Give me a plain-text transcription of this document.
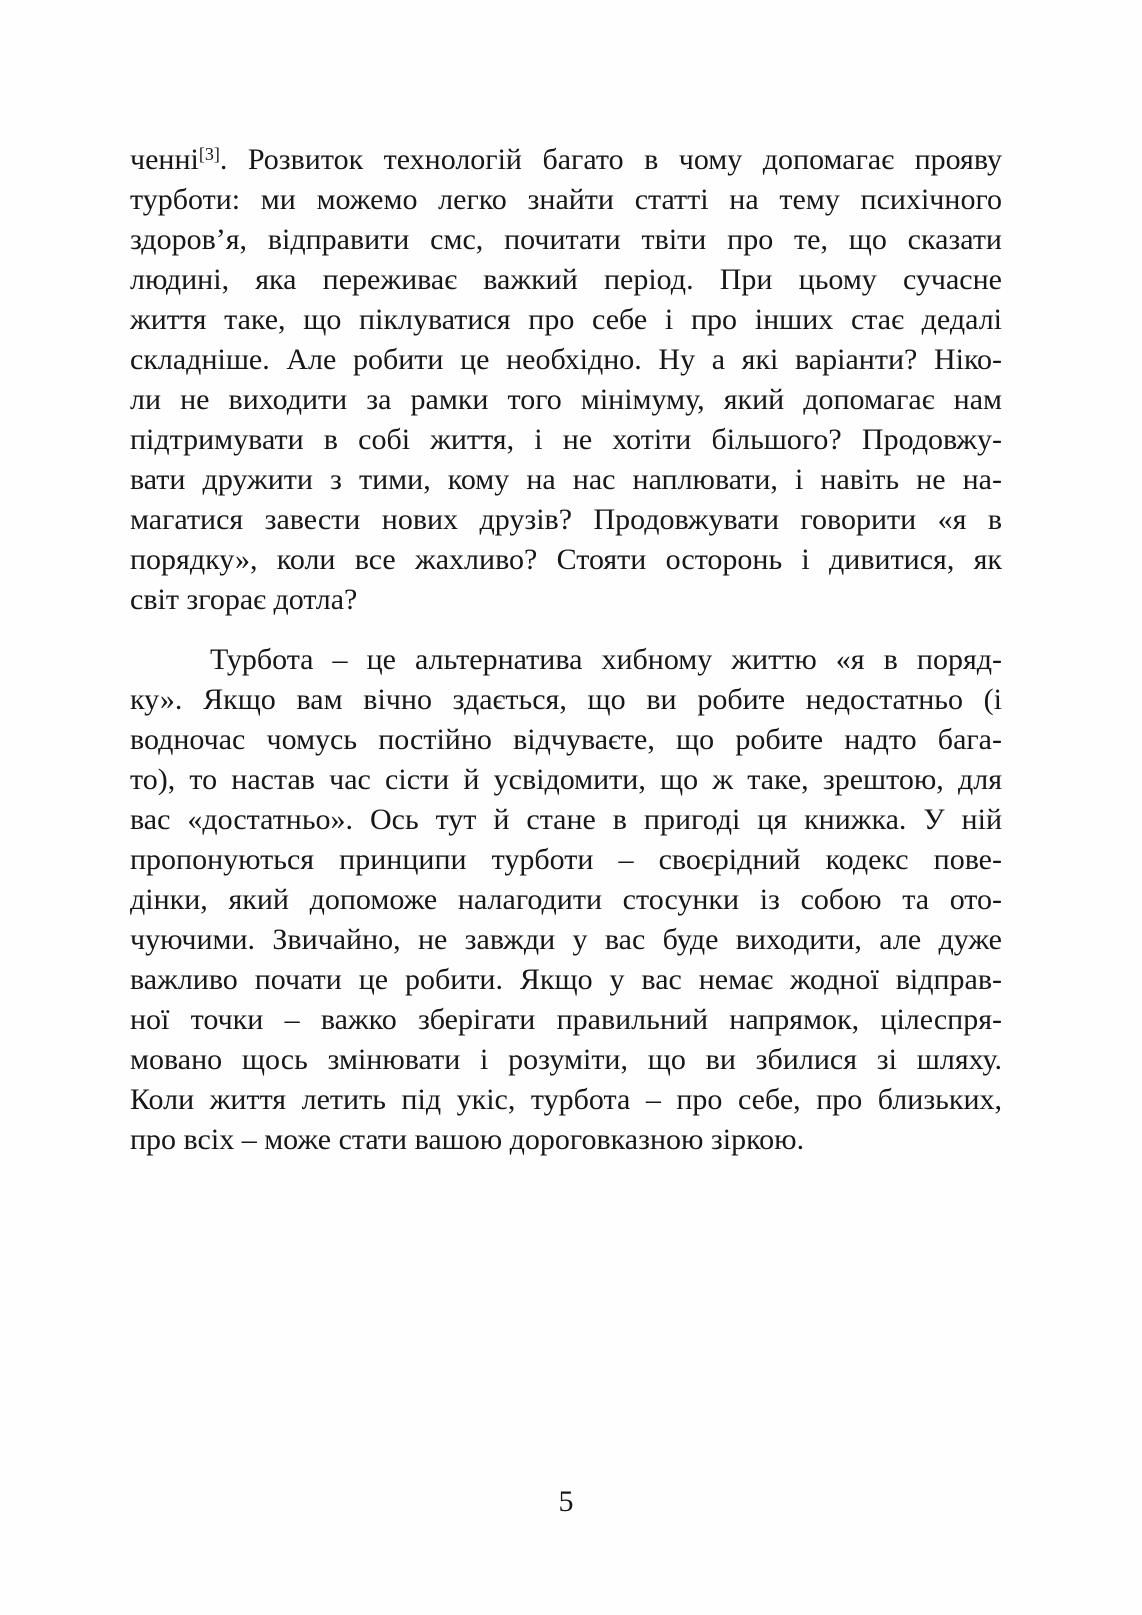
ченні[3]. Розвиток технологій багато в чому допомагає прояву
турботи: ми можемо легко знайти статті на тему психічного
здоров’я, відправити смс, почитати твіти про те, що сказати
людині, яка переживає важкий період. При цьому сучасне
життя таке, що піклуватися про себе і про інших стає дедалі
складніше. Але робити це необхідно. Ну а які варіанти? Ніко-
ли не виходити за рамки того мінімуму, який допомагає нам
підтримувати в собі життя, і не хотіти більшого? Продовжу-
вати дружити з тими, кому на нас наплювати, і навіть не на-
магатися завести нових друзів? Продовжувати говорити «я в
порядку», коли все жахливо? Стояти осторонь і дивитися, як
світ згорає дотла?
Турбота – це альтернатива хибному життю «я в поряд-
ку». Якщо вам вічно здається, що ви робите недостатньо (і
водночас чомусь постійно відчуваєте, що робите надто бага-
то), то настав час сісти й усвідомити, що ж таке, зрештою, для
вас «достатньо». Ось тут й стане в пригоді ця книжка. У ній
пропонуються принципи турботи – своєрідний кодекс пове-
дінки, який допоможе налагодити стосунки із собою та ото-
чуючими. Звичайно, не завжди у вас буде виходити, але дуже
важливо почати це робити. Якщо у вас немає жодної відправ-
ної точки – важко зберігати правильний напрямок, цілеспря-
мовано щось змінювати і розуміти, що ви збилися зі шляху.
Коли життя летить під укіс, турбота – про себе, про близьких,
про всіх – може стати вашою дороговказною зіркою.
5
